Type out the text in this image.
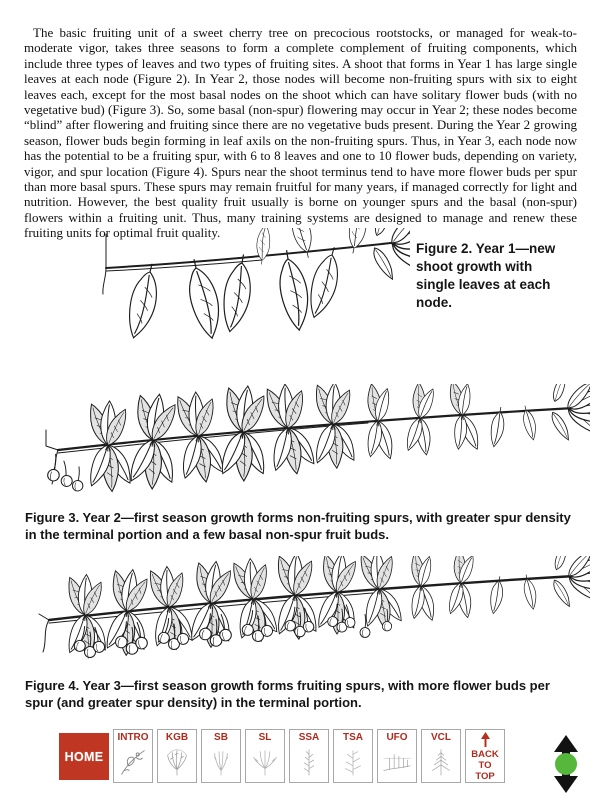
The basic fruiting unit of a sweet cherry tree on precocious rootstocks, or managed for weak-to-moderate vigor, takes three seasons to form a complete complement of fruiting components, which include three types of leaves and two types of fruiting sites. A shoot that forms in Year 1 has large single leaves at each node (Figure 2). In Year 2, those nodes will become non-fruiting spurs with six to eight leaves each, except for the most basal nodes on the shoot which can have solitary flower buds (with no vegetative bud) (Figure 3). So, some basal (non-spur) flowering may occur in Year 2; these nodes become “blind” after flowering and fruiting since there are no vegetative buds present. During the Year 2 growing season, flower buds begin forming in leaf axils on the non-fruiting spurs. Thus, in Year 3, each node now has the potential to be a fruiting spur, with 6 to 8 leaves and one to 10 flower buds, depending on variety, vigor, and spur location (Figure 4). Spurs near the shoot terminus tend to have more flower buds per spur than more basal spurs. These spurs may remain fruitful for many years, if managed correctly for light and nutrition. However, the best quality fruit usually is borne on younger spurs and the basal (non-spur) flowers within a fruiting unit. Thus, many training systems are designed to manage and renew these fruiting units for optimal fruit quality.

Figure 2. Year 1—new shoot growth with single leaves at each node.
Figure 3. Year 2—first season growth forms non-fruiting spurs, with greater spur density in the terminal portion and a few basal non-spur fruit buds.
Figure 4. Year 3—first season growth forms fruiting spurs, with more flower buds per spur (and greater spur density) in the terminal portion.
HOME
INTRO KGB	SB	SL	SSA TSA UFO VCL
BACK TO TOP
